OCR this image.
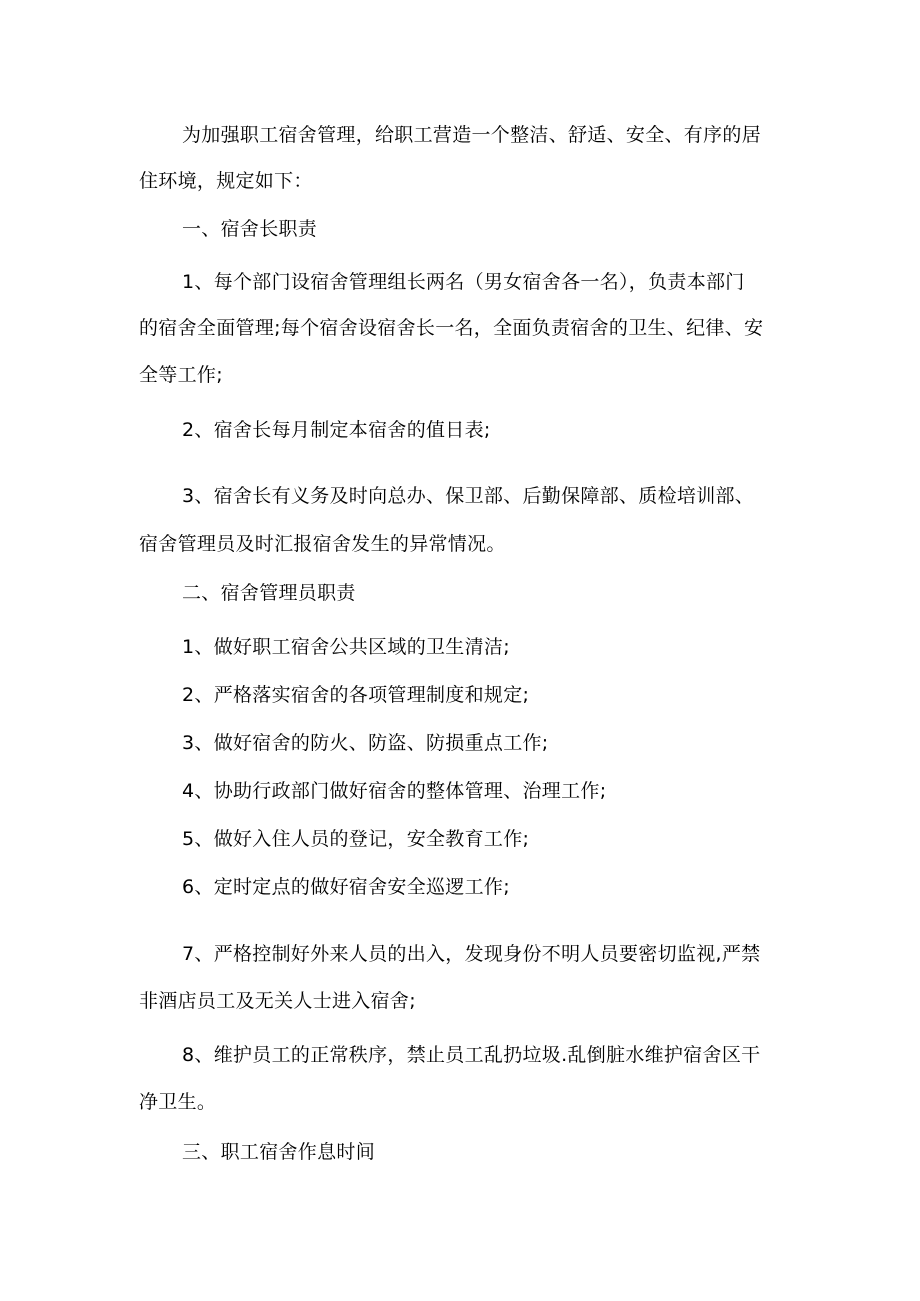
为加强职工宿舍管理，给职工营造一个整洁、舒适、安全、有序的居

住环境，规定如下：

一、宿舍长职责

1、每个部门设宿舍管理组长两名（男女宿舍各一名），负责本部门

的宿舍全面管理;每个宿舍设宿舍长一名，全面负责宿舍的卫生、纪律、安

全等工作;

2、宿舍长每月制定本宿舍的值日表;

3、宿舍长有义务及时向总办、保卫部、后勤保障部、质检培训部、

宿舍管理员及时汇报宿舍发生的异常情况。

二、宿舍管理员职责

1、做好职工宿舍公共区域的卫生清洁;

2、严格落实宿舍的各项管理制度和规定;

3、做好宿舍的防火、防盗、防损重点工作;

4、协助行政部门做好宿舍的整体管理、治理工作;

5、做好入住人员的登记，安全教育工作;

6、定时定点的做好宿舍安全巡逻工作;

7、严格控制好外来人员的出入，发现身份不明人员要密切监视,严禁

非酒店员工及无关人士进入宿舍;

8、维护员工的正常秩序，禁止员工乱扔垃圾.乱倒脏水维护宿舍区干

净卫生。

三、职工宿舍作息时间
